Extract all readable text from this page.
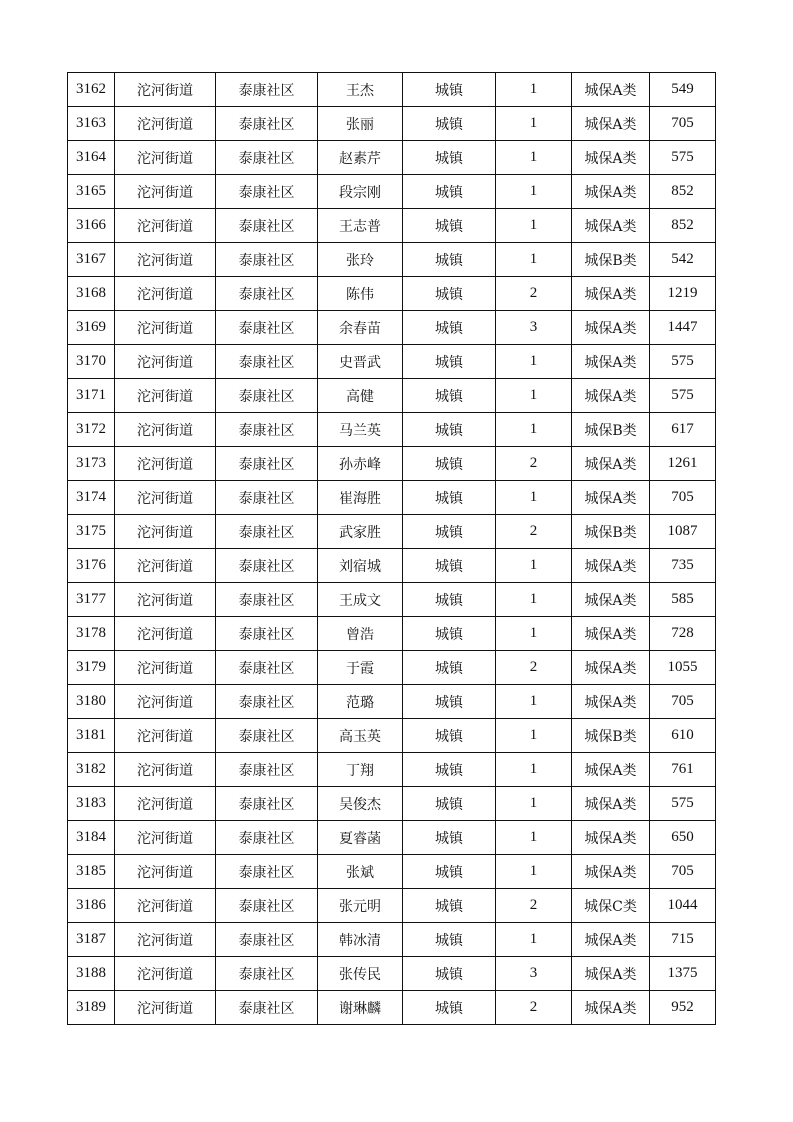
3162	沱河街道	泰康社区	王杰	城镇	1	城保A类	549
3163	沱河街道	泰康社区	张丽	城镇	1	城保A类	705
3164	沱河街道	泰康社区	赵素芹	城镇	1	城保A类	575
3165	沱河街道	泰康社区	段宗刚	城镇	1	城保A类	852
3166	沱河街道	泰康社区	王志普	城镇	1	城保A类	852
3167	沱河街道	泰康社区	张玲	城镇	1	城保B类	542
3168	沱河街道	泰康社区	陈伟	城镇	2	城保A类	1219
3169	沱河街道	泰康社区	余春苗	城镇	3	城保A类	1447
3170	沱河街道	泰康社区	史晋武	城镇	1	城保A类	575
3171	沱河街道	泰康社区	高健	城镇	1	城保A类	575
3172	沱河街道	泰康社区	马兰英	城镇	1	城保B类	617
3173	沱河街道	泰康社区	孙赤峰	城镇	2	城保A类	1261
3174	沱河街道	泰康社区	崔海胜	城镇	1	城保A类	705
3175	沱河街道	泰康社区	武家胜	城镇	2	城保B类	1087
3176	沱河街道	泰康社区	刘宿城	城镇	1	城保A类	735
3177	沱河街道	泰康社区	王成文	城镇	1	城保A类	585
3178	沱河街道	泰康社区	曾浩	城镇	1	城保A类	728
3179	沱河街道	泰康社区	于霞	城镇	2	城保A类	1055
3180	沱河街道	泰康社区	范璐	城镇	1	城保A类	705
3181	沱河街道	泰康社区	高玉英	城镇	1	城保B类	610
3182	沱河街道	泰康社区	丁翔	城镇	1	城保A类	761
3183	沱河街道	泰康社区	吴俊杰	城镇	1	城保A类	575
3184	沱河街道	泰康社区	夏睿菡	城镇	1	城保A类	650
3185	沱河街道	泰康社区	张斌	城镇	1	城保A类	705
3186	沱河街道	泰康社区	张元明	城镇	2	城保C类	1044
3187	沱河街道	泰康社区	韩冰清	城镇	1	城保A类	715
3188	沱河街道	泰康社区	张传民	城镇	3	城保A类	1375
3189	沱河街道	泰康社区	谢琳麟	城镇	2	城保A类	952
